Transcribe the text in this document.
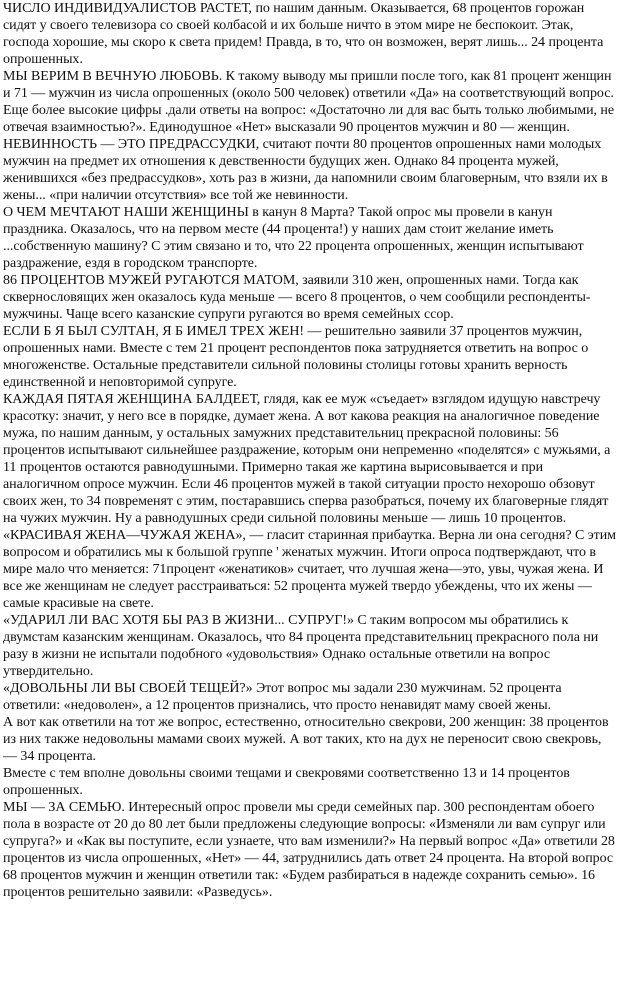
ЧИСЛО ИНДИВИДУАЛИСТОВ РАСТЕТ, по нашим данным. Оказывается, 68 процентов горожан сидят у своего телевизора со своей колбасой и их больше ничто в этом мире не беспокоит. Этак, господа хорошие, мы скоро к света придем! Правда, в то, что он возможен, верят лишь... 24 процента опрошенных.

МЫ ВЕРИМ В ВЕЧНУЮ ЛЮБОВЬ. К такому выводу мы пришли после того, как 81 процент женщин и 71 — мужчин из числа опрошенных (около 500 человек) ответили «Да» на соответствующий вопрос. Еще более высокие цифры .дали ответы на вопрос: «Достаточно ли для вас быть только любимыми, не отвечая взаимностью?». Единодушное «Нет» высказали 90 процентов мужчин и 80 — женщин.

НЕВИННОСТЬ — ЭТО ПРЕДРАССУДКИ, считают почти 80 процентов опрошенных нами молодых мужчин на предмет их отношения к девственности будущих жен. Однако 84 процента мужей, женившихся «без предрассудков», хоть раз в жизни, да напомнили своим благоверным, что взяли их в жены... «при наличии отсутствия» все той же невинности.

О ЧЕМ МЕЧТАЮТ НАШИ ЖЕНЩИНЫ в канун 8 Марта? Такой опрос мы провели в канун праздника. Оказалось, что на первом месте (44 процента!) у наших дам стоит желание иметь ...собственную машину? С этим связано и то, что 22 процента опрошенных, женщин испытывают раздражение, ездя в городском транспорте.

86 ПРОЦЕНТОВ МУЖЕЙ РУГАЮТСЯ МАТОМ, заявили 310 жен, опрошенных нами. Тогда как сквернословящих жен оказалось куда меньше — всего 8 процентов, о чем сообщили респонденты-мужчины. Чаще всего казанские супруги ругаются во время семейных ссор.

ЕСЛИ Б Я БЫЛ СУЛТАН, Я Б ИМЕЛ ТРЕХ ЖЕН! — решительно заявили 37 процентов мужчин, опрошенных нами. Вместе с тем 21 процент респондентов пока затрудняется ответить на вопрос о многоженстве. Остальные представители сильной половины столицы готовы хранить верность единственной и неповторимой супруге.

КАЖДАЯ ПЯТАЯ ЖЕНЩИНА БАЛДЕЕТ, глядя, как ее муж «съедает» взглядом идущую навстречу красотку: значит, у него все в порядке, думает жена. А вот какова реакция на аналогичное поведение мужа, по нашим данным, у остальных замужних представительниц прекрасной половины: 56 процентов испытывают сильнейшее раздражение, которым они непременно «поделятся» с мужьями, а 11 процентов остаются равнодушными. Примерно такая же картина вырисовывается и при аналогичном опросе мужчин. Если 46 процентов мужей в такой ситуации просто нехорошо обзовут своих жен, то 34 повременят с этим, постаравшись сперва разобраться, почему их благоверные глядят на чужих мужчин. Ну а равнодушных среди сильной половины меньше — лишь 10 процентов.

«КРАСИВАЯ ЖЕНА—ЧУЖАЯ ЖЕНА», — гласит старинная прибаутка. Верна ли она сегодня? С этим вопросом и обратились мы к большой группе ' женатых мужчин. Итоги опроса подтверждают, что в мире мало что меняется: 71процент «женатиков» считает, что лучшая жена—это, увы, чужая жена. И все же женщинам не следует расстраиваться: 52 процента мужей твердо убеждены, что их жены — самые красивые на свете.

«УДАРИЛ ЛИ ВАС ХОТЯ БЫ РАЗ В ЖИЗНИ... СУПРУГ!» С таким вопросом мы обратились к двумстам казанским женщинам. Оказалось, что 84 процента представительниц прекрасного пола ни разу в жизни не испытали подобного «удовольствия» Однако остальные ответили на вопрос утвердительно.

«ДОВОЛЬНЫ ЛИ ВЫ СВОЕЙ ТЕЩЕЙ?» Этот вопрос мы задали 230 мужчинам. 52 процента ответили: «недоволен», а 12 процентов признались, что просто ненавидят маму своей жены.

А вот как ответили на тот же вопрос, естественно, относительно свекрови, 200 женщин: 38 процентов из них также недовольны мамами своих мужей. А вот таких, кто на дух не переносит свою свекровь, — 34 процента.

Вместе с тем вполне довольны своими тещами и свекровями соответственно 13 и 14 процентов опрошенных.

МЫ — ЗА СЕМЬЮ. Интересный опрос провели мы среди семейных пар. 300 респондентам обоего пола в возрасте от 20 до 80 лет были предложены следующие вопросы: «Изменяли ли вам супруг или супруга?» и «Как вы поступите, если узнаете, что вам изменили?» На первый вопрос «Да» ответили 28 процентов из числа опрошенных, «Нет» — 44, затруднились дать ответ 24 процента. На второй вопрос 68 процентов мужчин и женщин ответили так: «Будем разбираться в надежде сохранить семью». 16 процентов решительно заявили: «Разведусь».
